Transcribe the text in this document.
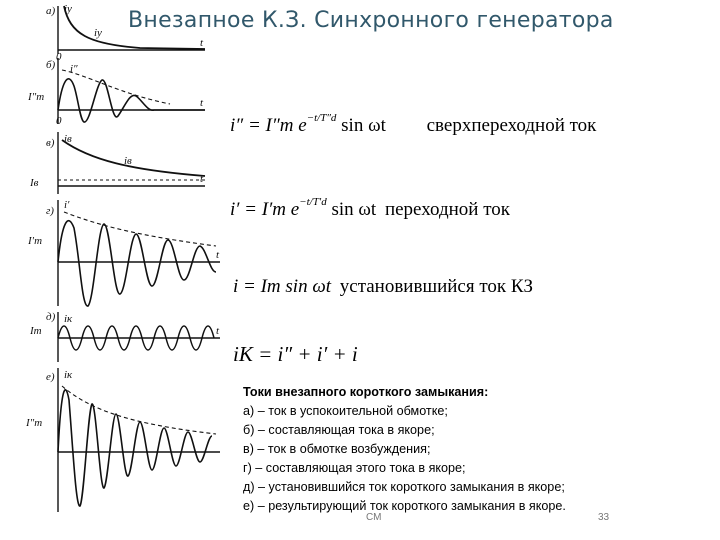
Внезапное К.З. Синхронного генератора
а) iу
iу
0
t
б) i″
I″m
0
t
в) iв
iв
Iв	t
г) i′
I′m
t
д) iк
Im	t
е) iк
I″m
i″ = I″m $e^{-t/T''d}$ sin ωt сверхпереходной ток
i′ = I′m $e^{-t/T'd}$ sin ωt переходной ток
i = Im sin ωt установившийся ток КЗ
iK = i″ + i′ + i
Токи внезапного короткого замыкания:
а) – ток в успокоительной обмотке;
б) – составляющая тока в якоре;
в) – ток в обмотке возбуждения;
г) – составляющая этого тока в якоре;
д) – установившийся ток короткого замыкания в якоре;
е) – результирующий ток короткого замыкания в якоре.
СМ	33
